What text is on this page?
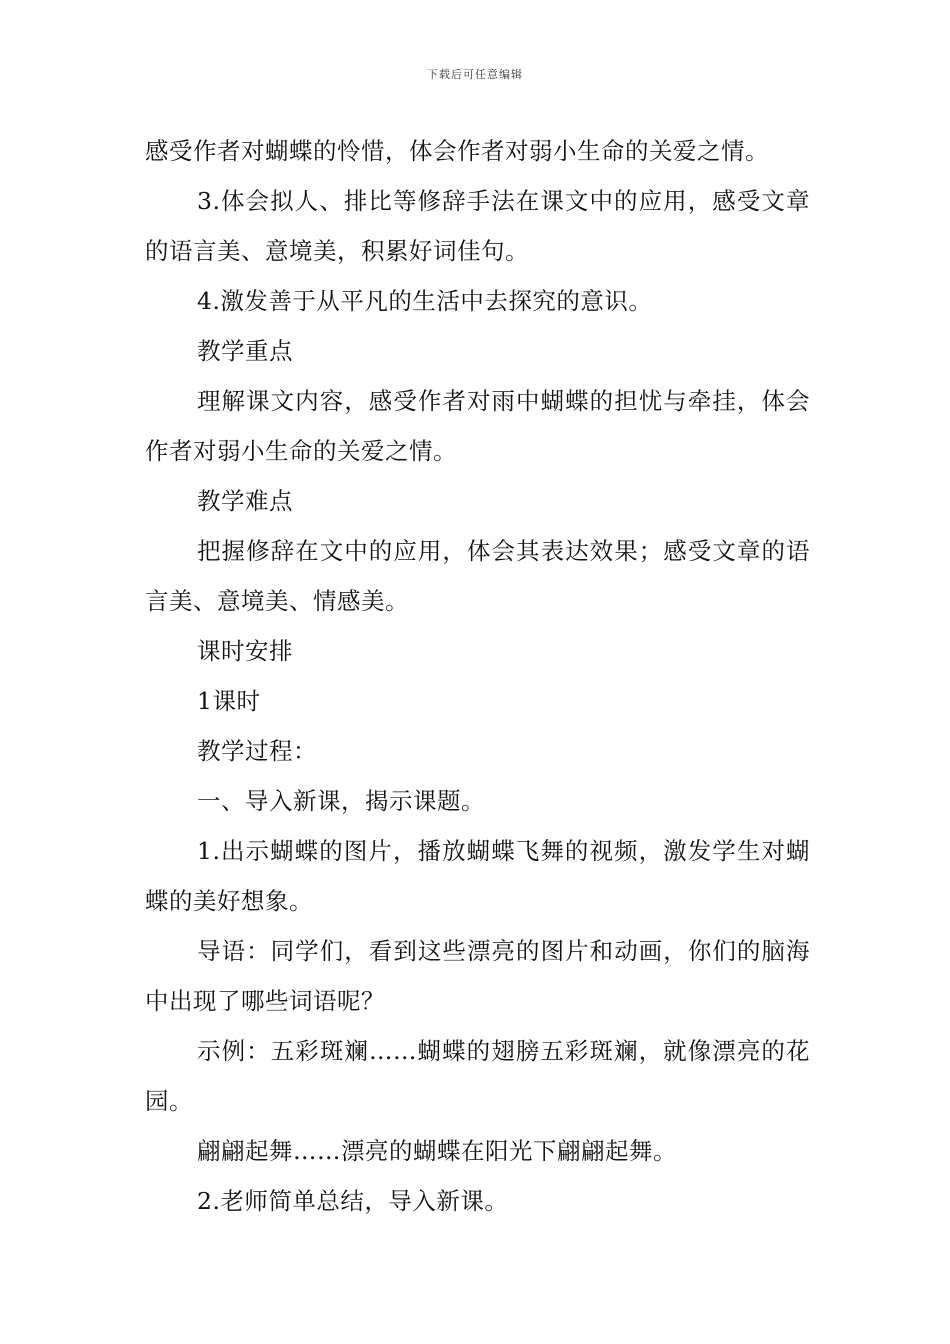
下载后可任意编辑

感受作者对蝴蝶的怜惜，体会作者对弱小生命的关爱之情。

3.体会拟人、排比等修辞手法在课文中的应用，感受文章的语言美、意境美，积累好词佳句。

4.激发善于从平凡的生活中去探究的意识。

教学重点

理解课文内容，感受作者对雨中蝴蝶的担忧与牵挂，体会作者对弱小生命的关爱之情。

教学难点

把握修辞在文中的应用，体会其表达效果；感受文章的语言美、意境美、情感美。

课时安排

1课时

教学过程：

一、导入新课，揭示课题。

1.出示蝴蝶的图片，播放蝴蝶飞舞的视频，激发学生对蝴蝶的美好想象。

导语：同学们，看到这些漂亮的图片和动画，你们的脑海中出现了哪些词语呢？

示例：五彩斑斓……蝴蝶的翅膀五彩斑斓，就像漂亮的花园。

翩翩起舞……漂亮的蝴蝶在阳光下翩翩起舞。

2.老师简单总结，导入新课。
